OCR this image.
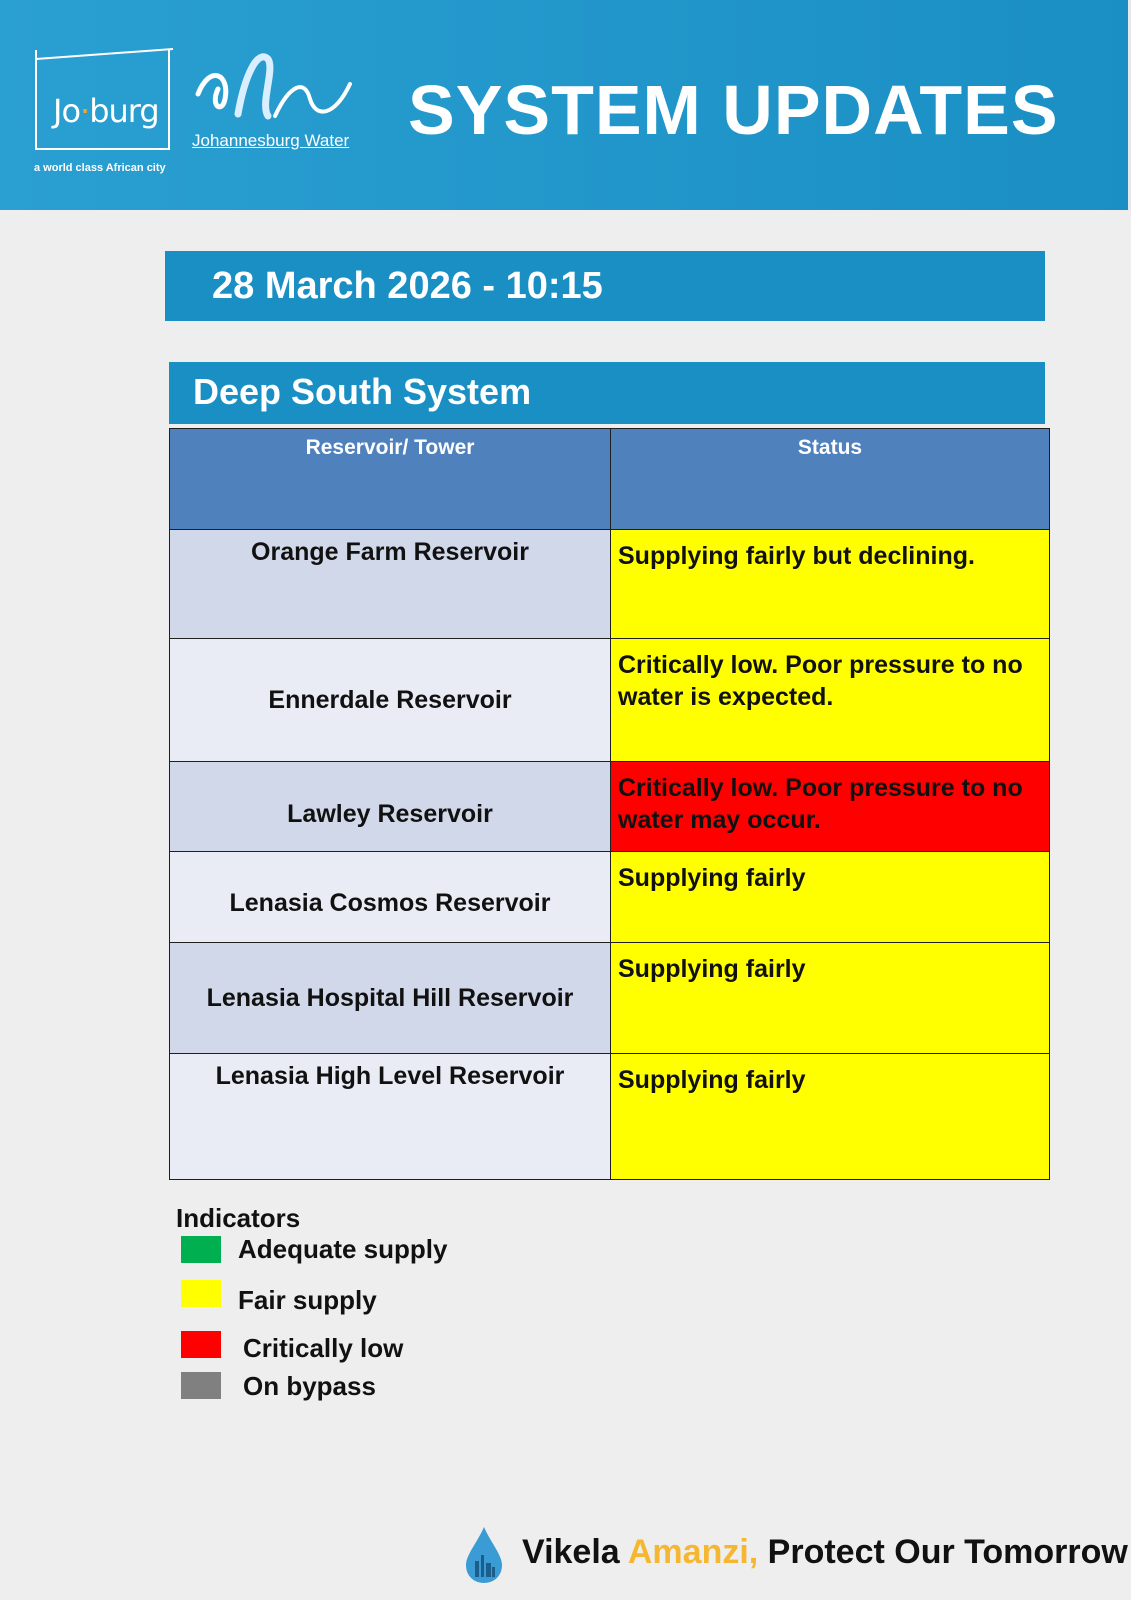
Jo·burg
a world class African city
Johannesburg Water SYSTEM UPDATES
28 March 2026 - 10:15
Deep South System
Reservoir/ Tower	Status
Orange Farm Reservoir	Supplying fairly but declining.
Ennerdale Reservoir	Critically low. Poor pressure to no water is expected.
Lawley Reservoir	Critically low. Poor pressure to no water may occur.
Lenasia Cosmos Reservoir	Supplying fairly
Lenasia Hospital Hill Reservoir	Supplying fairly
Lenasia High Level Reservoir	Supplying fairly
Indicators
Adequate supply
Fair supply
Critically low
On bypass
Vikela Amanzi, Protect Our Tomorrow
